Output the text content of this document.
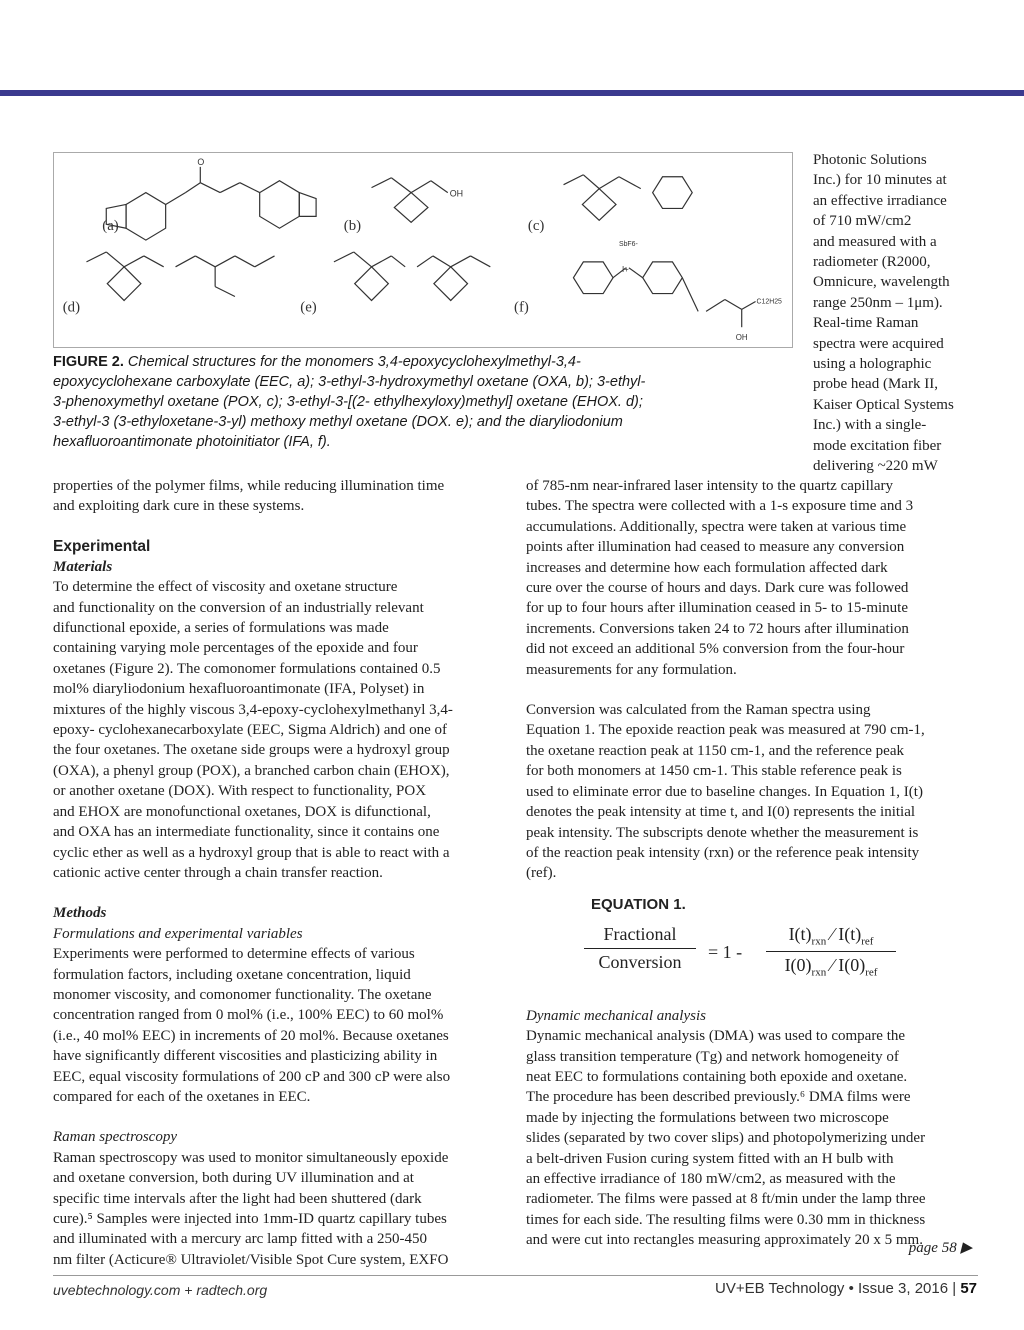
O
OH
SbF6-
I+
C12H25
OH
(a)	(b)	(c)
(d)	(e)	(f)
FIGURE 2. Chemical structures for the monomers 3,4-epoxycyclohexylmethyl-3,4-
epoxycyclohexane carboxylate (EEC, a); 3-ethyl-3-hydroxymethyl oxetane (OXA, b); 3-ethyl-
3-phenoxymethyl oxetane (POX, c); 3-ethyl-3-[(2- ethylhexyloxy)methyl] oxetane (EHOX. d);
3-ethyl-3 (3-ethyloxetane-3-yl) methoxy methyl oxetane (DOX. e); and the diaryliodonium
hexafluoroantimonate photoinitiator (IFA, f).
Photonic Solutions
Inc.) for 10 minutes at
an effective irradiance
of 710 mW/cm2
and measured with a
radiometer (R2000,
Omnicure, wavelength
range 250nm – 1μm).
Real-time Raman
spectra were acquired
using a holographic
probe head (Mark II,
Kaiser Optical Systems
Inc.) with a single-
mode excitation fiber
delivering ~220 mW
properties of the polymer films, while reducing illumination time
and exploiting dark cure in these systems.
Experimental
Materials
To determine the effect of viscosity and oxetane structure
and functionality on the conversion of an industrially relevant
difunctional epoxide, a series of formulations was made
containing varying mole percentages of the epoxide and four
oxetanes (Figure 2). The comonomer formulations contained 0.5
mol% diaryliodonium hexafluoroantimonate (IFA, Polyset) in
mixtures of the highly viscous 3,4-epoxy-cyclohexylmethanyl 3,4-
epoxy- cyclohexanecarboxylate (EEC, Sigma Aldrich) and one of
the four oxetanes. The oxetane side groups were a hydroxyl group
(OXA), a phenyl group (POX), a branched carbon chain (EHOX),
or another oxetane (DOX). With respect to functionality, POX
and EHOX are monofunctional oxetanes, DOX is difunctional,
and OXA has an intermediate functionality, since it contains one
cyclic ether as well as a hydroxyl group that is able to react with a
cationic active center through a chain transfer reaction.
Methods
Formulations and experimental variables
Experiments were performed to determine effects of various
formulation factors, including oxetane concentration, liquid
monomer viscosity, and comonomer functionality. The oxetane
concentration ranged from 0 mol% (i.e., 100% EEC) to 60 mol%
(i.e., 40 mol% EEC) in increments of 20 mol%. Because oxetanes
have significantly different viscosities and plasticizing ability in
EEC, equal viscosity formulations of 200 cP and 300 cP were also
compared for each of the oxetanes in EEC.
Raman spectroscopy
Raman spectroscopy was used to monitor simultaneously epoxide
and oxetane conversion, both during UV illumination and at
specific time intervals after the light had been shuttered (dark
cure).⁵ Samples were injected into 1mm-ID quartz capillary tubes
and illuminated with a mercury arc lamp fitted with a 250-450
nm filter (Acticure® Ultraviolet/Visible Spot Cure system, EXFO
of 785-nm near-infrared laser intensity to the quartz capillary
tubes. The spectra were collected with a 1-s exposure time and 3
accumulations. Additionally, spectra were taken at various time
points after illumination had ceased to measure any conversion
increases and determine how each formulation affected dark
cure over the course of hours and days. Dark cure was followed
for up to four hours after illumination ceased in 5- to 15-minute
increments. Conversions taken 24 to 72 hours after illumination
did not exceed an additional 5% conversion from the four-hour
measurements for any formulation.
Conversion was calculated from the Raman spectra using
Equation 1. The epoxide reaction peak was measured at 790 cm-1,
the oxetane reaction peak at 1150 cm-1, and the reference peak
for both monomers at 1450 cm-1. This stable reference peak is
used to eliminate error due to baseline changes. In Equation 1, I(t)
denotes the peak intensity at time t, and I(0) represents the initial
peak intensity. The subscripts denote whether the measurement is
of the reaction peak intensity (rxn) or the reference peak intensity
(ref).
Dynamic mechanical analysis
Dynamic mechanical analysis (DMA) was used to compare the
glass transition temperature (Tg) and network homogeneity of
neat EEC to formulations containing both epoxide and oxetane.
The procedure has been described previously.⁶ DMA films were
made by injecting the formulations between two microscope
slides (separated by two cover slips) and photopolymerizing under
a belt-driven Fusion curing system fitted with an H bulb with
an effective irradiance of 180 mW/cm2, as measured with the
radiometer. The films were passed at 8 ft/min under the lamp three
times for each side. The resulting films were 0.30 mm in thickness
and were cut into rectangles measuring approximately 20 x 5 mm.
EQUATION 1.
Fractional
Conversion	= 1 -
$I(t)_{rxn}$ ⁄ $I(t)_{ref}$
$I(0)_{rxn}$ ⁄ $I(0)_{ref}$
page 58 ▶
uvebtechnology.com + radtech.org	UV+EB Technology • Issue 3, 2016 | 57
